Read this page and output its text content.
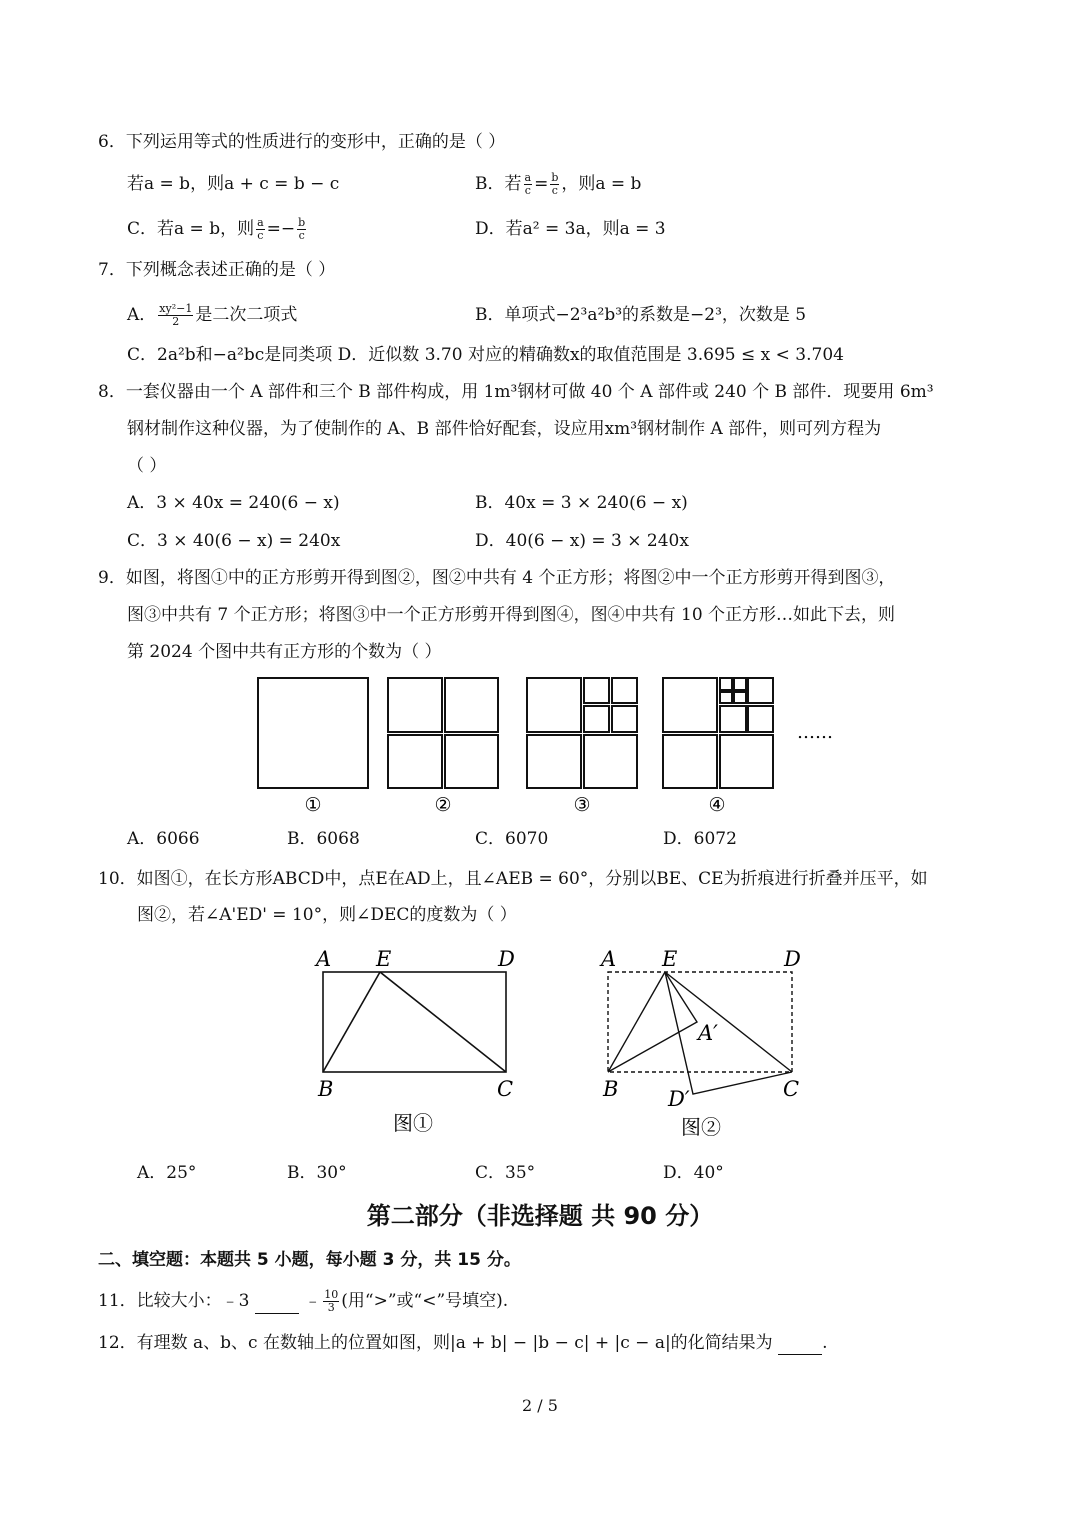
6．下列运用等式的性质进行的变形中，正确的是（ ）
若a = b，则a + c = b − c	B．若 $\frac{a}{c} = \frac{b}{c}$ ，则a = b
C．若a = b，则 $\frac{a}{c} =- \frac{b}{c}$	D．若a² = 3a，则a = 3
7．下列概念表述正确的是（ ）
A． $\frac{\text{xy²−1}}{2}$ 是二次二项式	B．单项式−2³a²b³的系数是−2³，次数是 5
C．2a²b和−a²bc是同类项 D．近似数 3.70 对应的精确数x的取值范围是 3.695 ≤ x < 3.704
8．一套仪器由一个 A 部件和三个 B 部件构成，用 1m³钢材可做 40 个 A 部件或 240 个 B 部件．现要用 6m³
钢材制作这种仪器，为了使制作的 A、B 部件恰好配套，设应用xm³钢材制作 A 部件，则可列方程为
（ ）
A．3 × 40x = 240(6 − x)	B．40x = 3 × 240(6 − x)
C．3 × 40(6 − x) = 240x	D．40(6 − x) = 3 × 240x
9．如图，将图①中的正方形剪开得到图②，图②中共有 4 个正方形；将图②中一个正方形剪开得到图③，
图③中共有 7 个正方形；将图③中一个正方形剪开得到图④，图④中共有 10 个正方形…如此下去，则
第 2024 个图中共有正方形的个数为（ ）
①	②	③	④
……
A．6066	B．6068	C．6070	D．6072
10．如图①，在长方形ABCD中，点E在AD上，且∠AEB = 60°，分别以BE、CE为折痕进行折叠并压平，如
图②，若∠A'ED' = 10°，则∠DEC的度数为（ ）
A E	D
B	C
图①
A E	D
B	C
A′
D′
图②
A．25°	B．30°	C．35°	D．40°
第二部分（非选择题 共 90 分）
二、填空题：本题共 5 小题，每小题 3 分，共 15 分。
11．比较大小：﹣3	﹣ $\frac{10}{3}$ (用“>”或“<”号填空).
12．有理数 a、b、c 在数轴上的位置如图，则|a + b| − |b − c| + |c − a|的化简结果为	.
2 / 5
